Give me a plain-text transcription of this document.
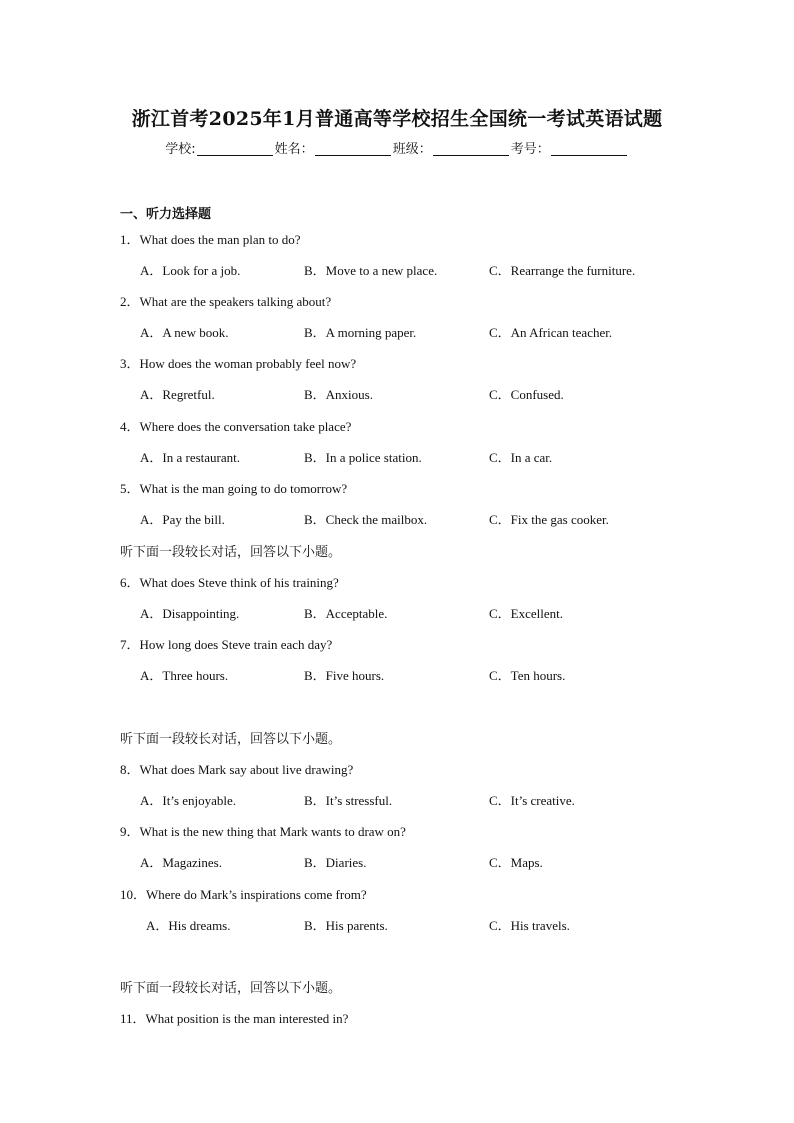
浙江首考2025年1月普通高等学校招生全国统一考试英语试题
学校:	姓名：	班级：	考号：
一、听力选择题
1．What does the man plan to do?
A．Look for a job.	B．Move to a new place.	C．Rearrange the furniture.
2．What are the speakers talking about?
A．A new book.	B．A morning paper.	C．An African teacher.
3．How does the woman probably feel now?
A．Regretful.	B．Anxious.	C．Confused.
4．Where does the conversation take place?
A．In a restaurant.	B．In a police station.	C．In a car.
5．What is the man going to do tomorrow?
A．Pay the bill.	B．Check the mailbox.	C．Fix the gas cooker.
听下面一段较长对话，回答以下小题。
6．What does Steve think of his training?
A．Disappointing.	B．Acceptable.	C．Excellent.
7．How long does Steve train each day?
A．Three hours.	B．Five hours.	C．Ten hours.
听下面一段较长对话，回答以下小题。
8．What does Mark say about live drawing?
A．It’s enjoyable.	B．It’s stressful.	C．It’s creative.
9．What is the new thing that Mark wants to draw on?
A．Magazines.	B．Diaries.	C．Maps.
10．Where do Mark’s inspirations come from?
A．His dreams.	B．His parents.	C．His travels.
听下面一段较长对话，回答以下小题。
11．What position is the man interested in?
